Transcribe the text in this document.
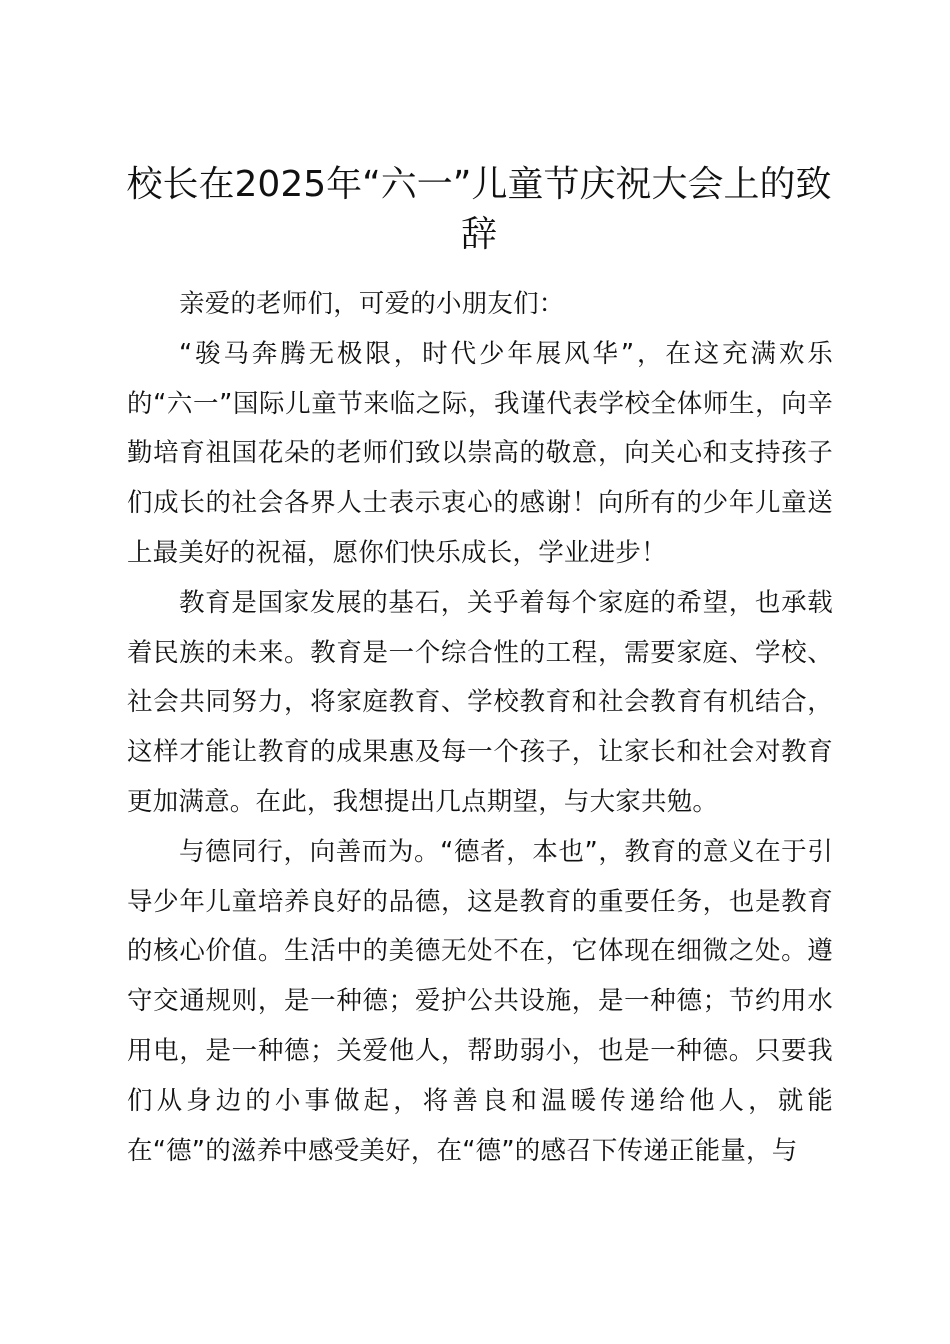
校长在2025年“六一”儿童节庆祝大会上的致辞

亲爱的老师们，可爱的小朋友们：

“骏马奔腾无极限，时代少年展风华”，在这充满欢乐的“六一”国际儿童节来临之际，我谨代表学校全体师生，向辛勤培育祖国花朵的老师们致以崇高的敬意，向关心和支持孩子们成长的社会各界人士表示衷心的感谢！向所有的少年儿童送上最美好的祝福，愿你们快乐成长，学业进步！

教育是国家发展的基石，关乎着每个家庭的希望，也承载着民族的未来。教育是一个综合性的工程，需要家庭、学校、社会共同努力，将家庭教育、学校教育和社会教育有机结合，这样才能让教育的成果惠及每一个孩子，让家长和社会对教育更加满意。在此，我想提出几点期望，与大家共勉。

与德同行，向善而为。“德者，本也”，教育的意义在于引导少年儿童培养良好的品德，这是教育的重要任务，也是教育的核心价值。生活中的美德无处不在，它体现在细微之处。遵守交通规则，是一种德；爱护公共设施，是一种德；节约用水用电，是一种德；关爱他人，帮助弱小，也是一种德。只要我们从身边的小事做起，将善良和温暖传递给他人，就能在“德”的滋养中感受美好，在“德”的感召下传递正能量，与
